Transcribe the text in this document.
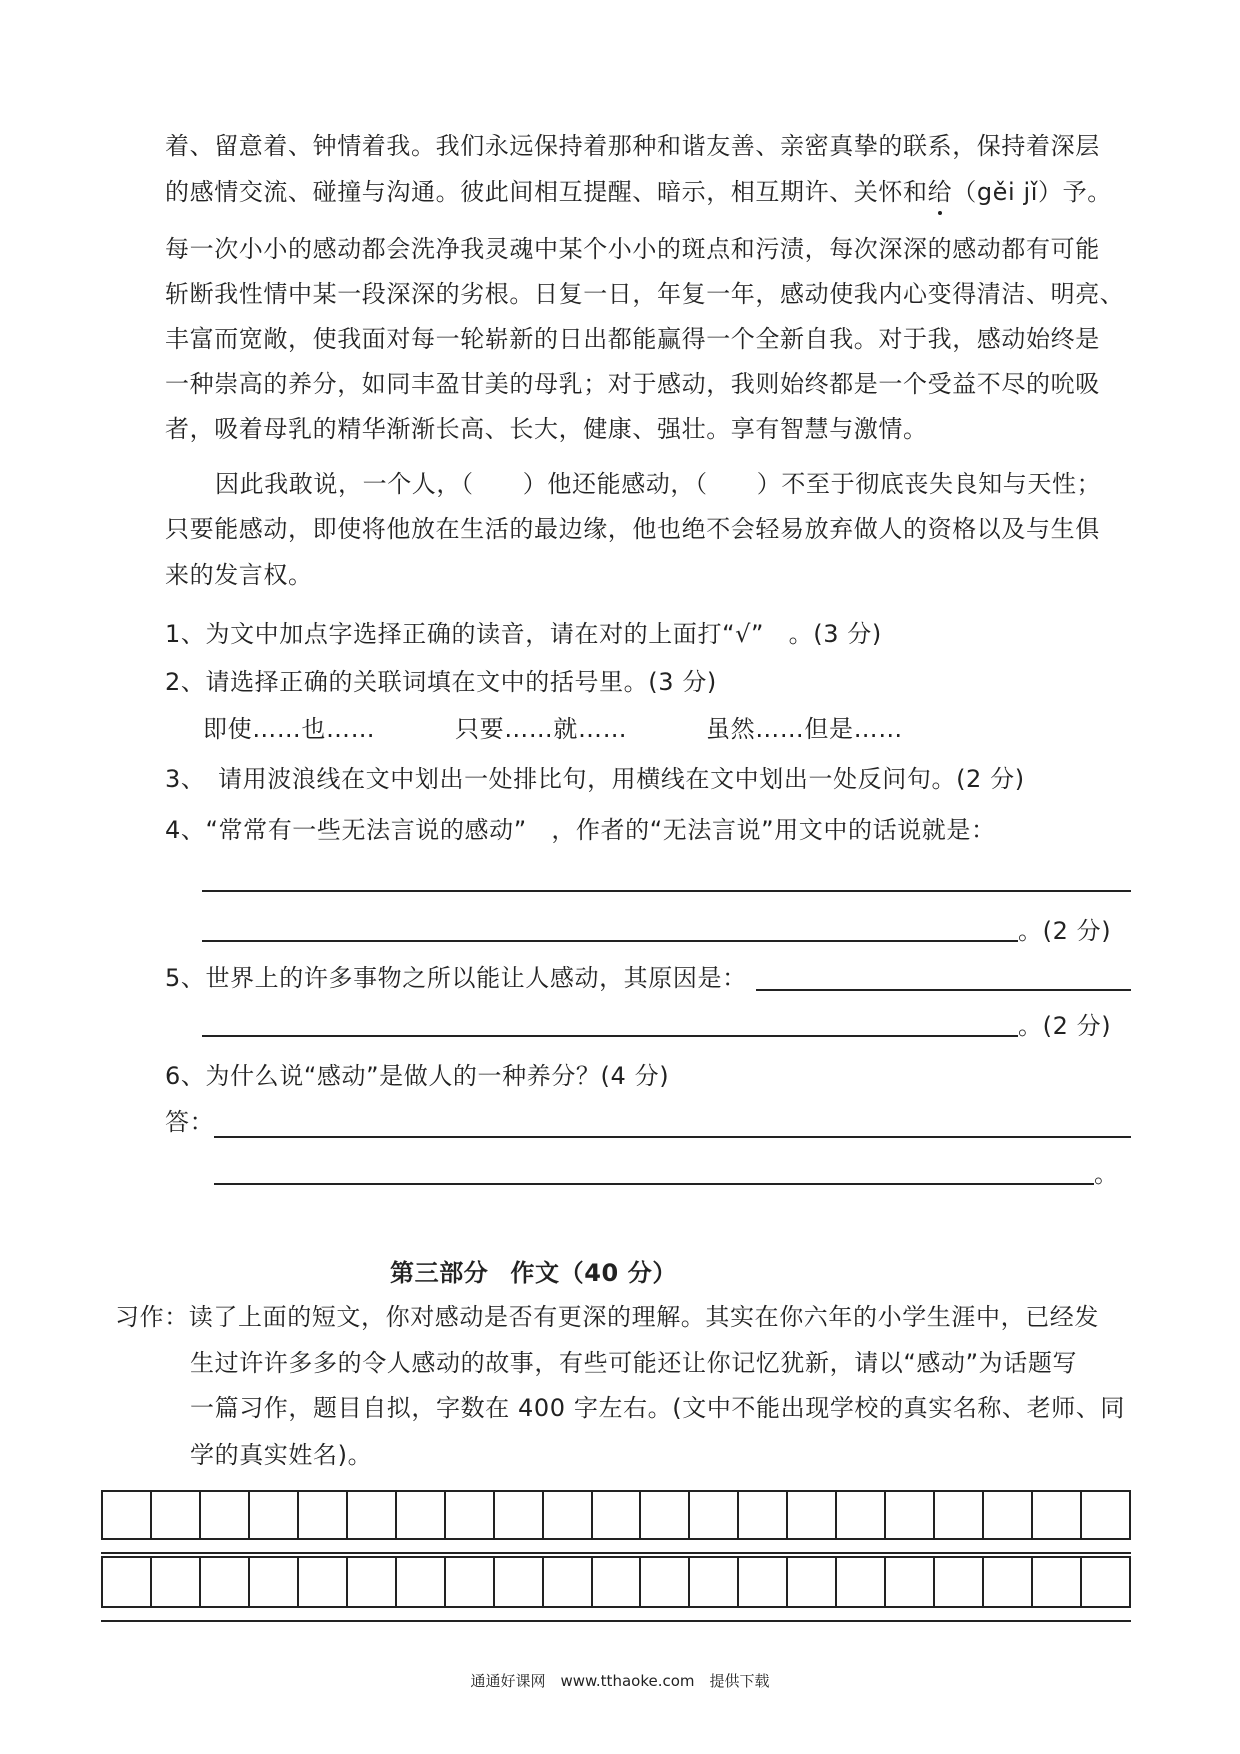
着、留意着、钟情着我。我们永远保持着那种和谐友善、亲密真挚的联系，保持着深层
的感情交流、碰撞与沟通。彼此间相互提醒、暗示，相互期许、关怀和给（gěi jǐ）予。
每一次小小的感动都会洗净我灵魂中某个小小的斑点和污渍，每次深深的感动都有可能
斩断我性情中某一段深深的劣根。日复一日，年复一年，感动使我内心变得清洁、明亮、
丰富而宽敞，使我面对每一轮崭新的日出都能赢得一个全新自我。对于我，感动始终是
一种崇高的养分，如同丰盈甘美的母乳；对于感动，我则始终都是一个受益不尽的吮吸
者，吸着母乳的精华渐渐长高、长大，健康、强壮。享有智慧与激情。
因此我敢说，一个人，（　　）他还能感动，（　　）不至于彻底丧失良知与天性；
只要能感动，即使将他放在生活的最边缘，他也绝不会轻易放弃做人的资格以及与生俱
来的发言权。
1、为文中加点字选择正确的读音，请在对的上面打“√”　。(3 分)
2、请选择正确的关联词填在文中的括号里。(3 分)
即使……也……	只要……就……	虽然……但是……
3、　请用波浪线在文中划出一处排比句，用横线在文中划出一处反问句。(2 分)
4、“常常有一些无法言说的感动”　，作者的“无法言说”用文中的话说就是：
。(2 分)
5、世界上的许多事物之所以能让人感动，其原因是：
。(2 分)
6、为什么说“感动”是做人的一种养分？(4 分)
答：
。
第三部分 作文（40 分）
习作：读了上面的短文，你对感动是否有更深的理解。其实在你六年的小学生涯中，已经发
生过许许多多的令人感动的故事，有些可能还让你记忆犹新，请以“感动”为话题写
一篇习作，题目自拟，字数在 400 字左右。(文中不能出现学校的真实名称、老师、同
学的真实姓名)。
通通好课网　www.tthaoke.com　提供下载
